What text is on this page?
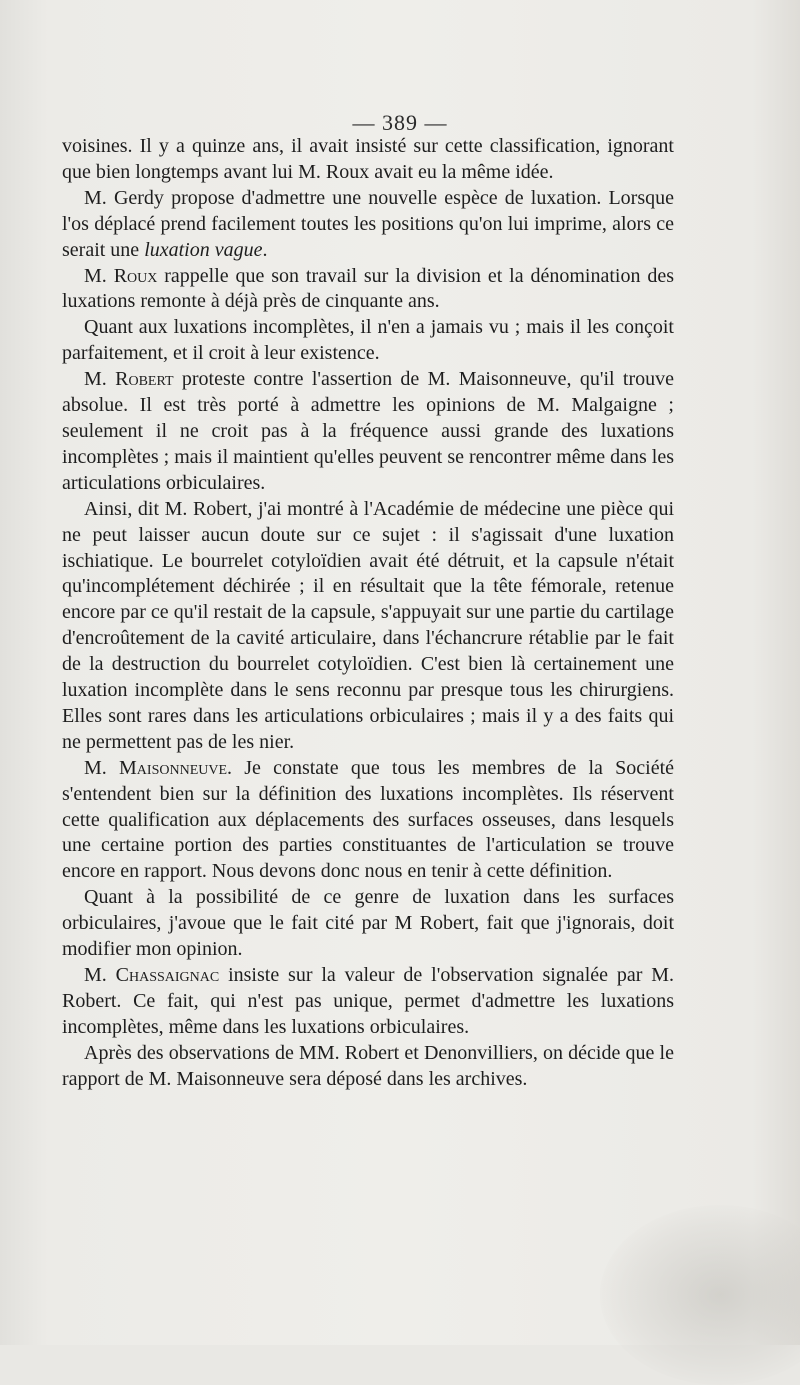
— 389 —

voisines. Il y a quinze ans, il avait insisté sur cette classification, ignorant que bien longtemps avant lui M. Roux avait eu la même idée.

M. Gerdy propose d'admettre une nouvelle espèce de luxation. Lorsque l'os déplacé prend facilement toutes les positions qu'on lui imprime, alors ce serait une luxation vague.

M. Roux rappelle que son travail sur la division et la dénomination des luxations remonte à déjà près de cinquante ans.

Quant aux luxations incomplètes, il n'en a jamais vu ; mais il les conçoit parfaitement, et il croit à leur existence.

M. Robert proteste contre l'assertion de M. Maisonneuve, qu'il trouve absolue. Il est très porté à admettre les opinions de M. Malgaigne ; seulement il ne croit pas à la fréquence aussi grande des luxations incomplètes ; mais il maintient qu'elles peuvent se rencontrer même dans les articulations orbiculaires.

Ainsi, dit M. Robert, j'ai montré à l'Académie de médecine une pièce qui ne peut laisser aucun doute sur ce sujet : il s'agissait d'une luxation ischiatique. Le bourrelet cotyloïdien avait été détruit, et la capsule n'était qu'incomplétement déchirée ; il en résultait que la tête fémorale, retenue encore par ce qu'il restait de la capsule, s'appuyait sur une partie du cartilage d'encroûtement de la cavité articulaire, dans l'échancrure rétablie par le fait de la destruction du bourrelet cotyloïdien. C'est bien là certainement une luxation incomplète dans le sens reconnu par presque tous les chirurgiens. Elles sont rares dans les articulations orbiculaires ; mais il y a des faits qui ne permettent pas de les nier.

M. Maisonneuve. Je constate que tous les membres de la Société s'entendent bien sur la définition des luxations incomplètes. Ils réservent cette qualification aux déplacements des surfaces osseuses, dans lesquels une certaine portion des parties constituantes de l'articulation se trouve encore en rapport. Nous devons donc nous en tenir à cette définition.

Quant à la possibilité de ce genre de luxation dans les surfaces orbiculaires, j'avoue que le fait cité par M Robert, fait que j'ignorais, doit modifier mon opinion.

M. Chassaignac insiste sur la valeur de l'observation signalée par M. Robert. Ce fait, qui n'est pas unique, permet d'admettre les luxations incomplètes, même dans les luxations orbiculaires.

Après des observations de MM. Robert et Denonvilliers, on décide que le rapport de M. Maisonneuve sera déposé dans les archives.
